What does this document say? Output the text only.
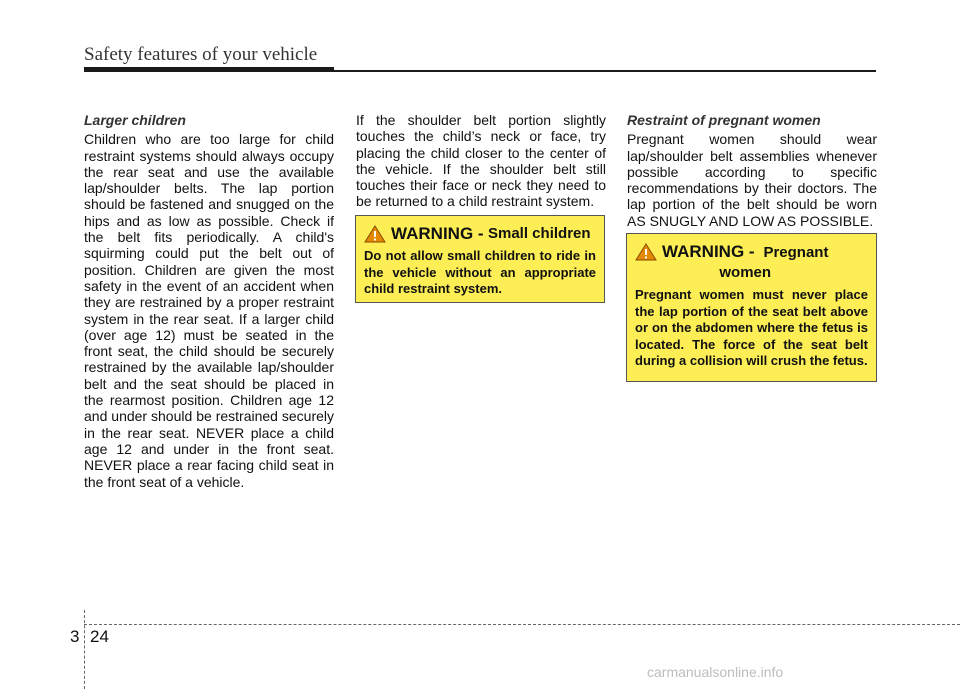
Safety features of your vehicle
Larger children

Children who are too large for child restraint systems should always occupy the rear seat and use the available lap/shoulder belts. The lap portion should be fastened and snugged on the hips and as low as possible. Check if the belt fits periodically. A child's squirming could put the belt out of position. Children are given the most safety in the event of an accident when they are restrained by a proper restraint system in the rear seat. If a larger child (over age 12) must be seated in the front seat, the child should be securely restrained by the available lap/shoulder belt and the seat should be placed in the rearmost position. Children age 12 and under should be restrained securely in the rear seat. NEVER place a child age 12 and under in the front seat. NEVER place a rear facing child seat in the front seat of a vehicle.

If the shoulder belt portion slightly touches the child’s neck or face, try placing the child closer to the center of the vehicle. If the shoulder belt still touches their face or neck they need to be returned to a child restraint system.

WARNING -
Small children
Do not allow small children to ride in the vehicle without an appropriate child restraint system.
Restraint of pregnant women

Pregnant women should wear lap/shoulder belt assemblies whenever possible according to specific recommendations by their doctors. The lap portion of the belt should be worn AS SNUGLY AND LOW AS POSSIBLE.

WARNING - Pregnant
women
Pregnant women must never place the lap portion of the seat belt above or on the abdomen where the fetus is located. The force of the seat belt during a collision will crush the fetus.
3 24
carmanualsonline.info
